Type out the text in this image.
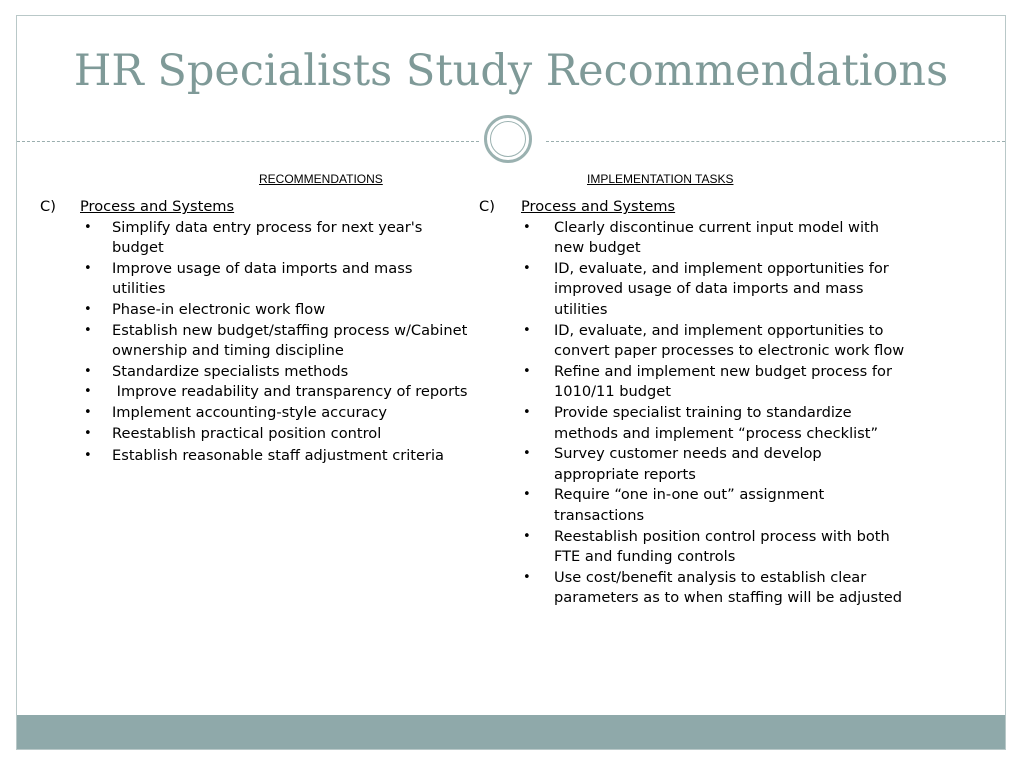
HR Specialists Study Recommendations
RECOMMENDATIONS	IMPLEMENTATION TASKS
C)	Process and Systems
• Simplify data entry process for next year's budget
• Improve usage of data imports and mass utilities
• Phase-in electronic work flow
• Establish new budget/staffing process w/Cabinet ownership and timing discipline
• Standardize specialists methods
• Improve readability and transparency of reports
• Implement accounting-style accuracy
• Reestablish practical position control
• Establish reasonable staff adjustment criteria
C)	Process and Systems
• Clearly discontinue current input model with new budget
• ID, evaluate, and implement opportunities for improved usage of data imports and mass utilities
• ID, evaluate, and implement opportunities to convert paper processes to electronic work flow
• Refine and implement new budget process for 1010/11 budget
• Provide specialist training to standardize methods and implement “process checklist”
• Survey customer needs and develop appropriate reports
• Require “one in-one out” assignment transactions
• Reestablish position control process with both FTE and funding controls
• Use cost/benefit analysis to establish clear parameters as to when staffing will be adjusted
